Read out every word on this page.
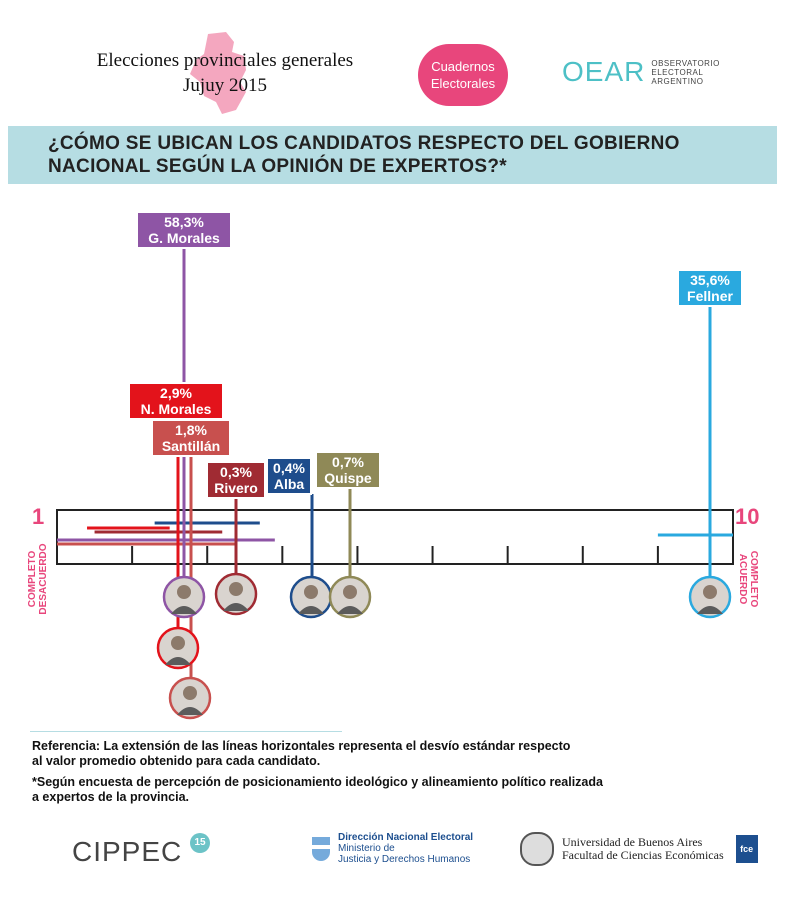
Elecciones provinciales generales
Jujuy 2015
Cuadernos
Electorales OEAR OBSERVATORIO
ELECTORAL
ARGENTINO
¿CÓMO SE UBICAN LOS CANDIDATOS RESPECTO DEL GOBIERNO
NACIONAL SEGÚN LA OPINIÓN DE EXPERTOS?*
58,3%
G. Morales
2,9%
N. Morales
1,8%
Santillán
0,3%
Rivero
0,4%
Alba
0,7%
Quispe
35,6%
Fellner
1	10
COMPLETO DESACUERDO	COMPLETO
ACUERDO

Referencia: La extensión de las líneas horizontales representa el desvío estándar respecto
al valor promedio obtenido para cada candidato.

*Según encuesta de percepción de posicionamiento ideológico y alineamiento político realizada
a expertos de la provincia.

CIPPEC	15	Dirección Nacional Electoral
Ministerio de
Justicia y Derechos Humanos
Universidad de Buenos Aires
Facultad de Ciencias Económicas	fce
